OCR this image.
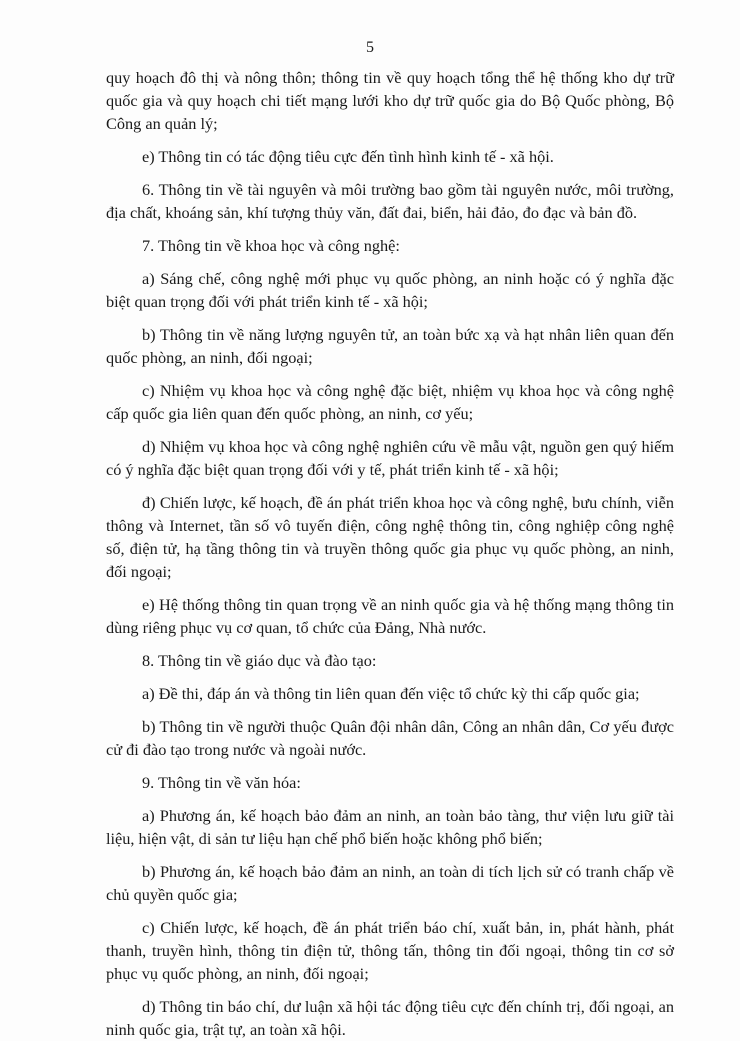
5

quy hoạch đô thị và nông thôn; thông tin về quy hoạch tổng thể hệ thống kho dự trữ quốc gia và quy hoạch chi tiết mạng lưới kho dự trữ quốc gia do Bộ Quốc phòng, Bộ Công an quản lý;

e) Thông tin có tác động tiêu cực đến tình hình kinh tế - xã hội.

6. Thông tin về tài nguyên và môi trường bao gồm tài nguyên nước, môi trường, địa chất, khoáng sản, khí tượng thủy văn, đất đai, biển, hải đảo, đo đạc và bản đồ.

7. Thông tin về khoa học và công nghệ:

a) Sáng chế, công nghệ mới phục vụ quốc phòng, an ninh hoặc có ý nghĩa đặc biệt quan trọng đối với phát triển kinh tế - xã hội;

b) Thông tin về năng lượng nguyên tử, an toàn bức xạ và hạt nhân liên quan đến quốc phòng, an ninh, đối ngoại;

c) Nhiệm vụ khoa học và công nghệ đặc biệt, nhiệm vụ khoa học và công nghệ cấp quốc gia liên quan đến quốc phòng, an ninh, cơ yếu;

d) Nhiệm vụ khoa học và công nghệ nghiên cứu về mẫu vật, nguồn gen quý hiếm có ý nghĩa đặc biệt quan trọng đối với y tế, phát triển kinh tế - xã hội;

đ) Chiến lược, kế hoạch, đề án phát triển khoa học và công nghệ, bưu chính, viễn thông và Internet, tần số vô tuyến điện, công nghệ thông tin, công nghiệp công nghệ số, điện tử, hạ tầng thông tin và truyền thông quốc gia phục vụ quốc phòng, an ninh, đối ngoại;

e) Hệ thống thông tin quan trọng về an ninh quốc gia và hệ thống mạng thông tin dùng riêng phục vụ cơ quan, tổ chức của Đảng, Nhà nước.

8. Thông tin về giáo dục và đào tạo:

a) Đề thi, đáp án và thông tin liên quan đến việc tổ chức kỳ thi cấp quốc gia;

b) Thông tin về người thuộc Quân đội nhân dân, Công an nhân dân, Cơ yếu được cử đi đào tạo trong nước và ngoài nước.

9. Thông tin về văn hóa:

a) Phương án, kế hoạch bảo đảm an ninh, an toàn bảo tàng, thư viện lưu giữ tài liệu, hiện vật, di sản tư liệu hạn chế phổ biến hoặc không phổ biến;

b) Phương án, kế hoạch bảo đảm an ninh, an toàn di tích lịch sử có tranh chấp về chủ quyền quốc gia;

c) Chiến lược, kế hoạch, đề án phát triển báo chí, xuất bản, in, phát hành, phát thanh, truyền hình, thông tin điện tử, thông tấn, thông tin đối ngoại, thông tin cơ sở phục vụ quốc phòng, an ninh, đối ngoại;

d) Thông tin báo chí, dư luận xã hội tác động tiêu cực đến chính trị, đối ngoại, an ninh quốc gia, trật tự, an toàn xã hội.
